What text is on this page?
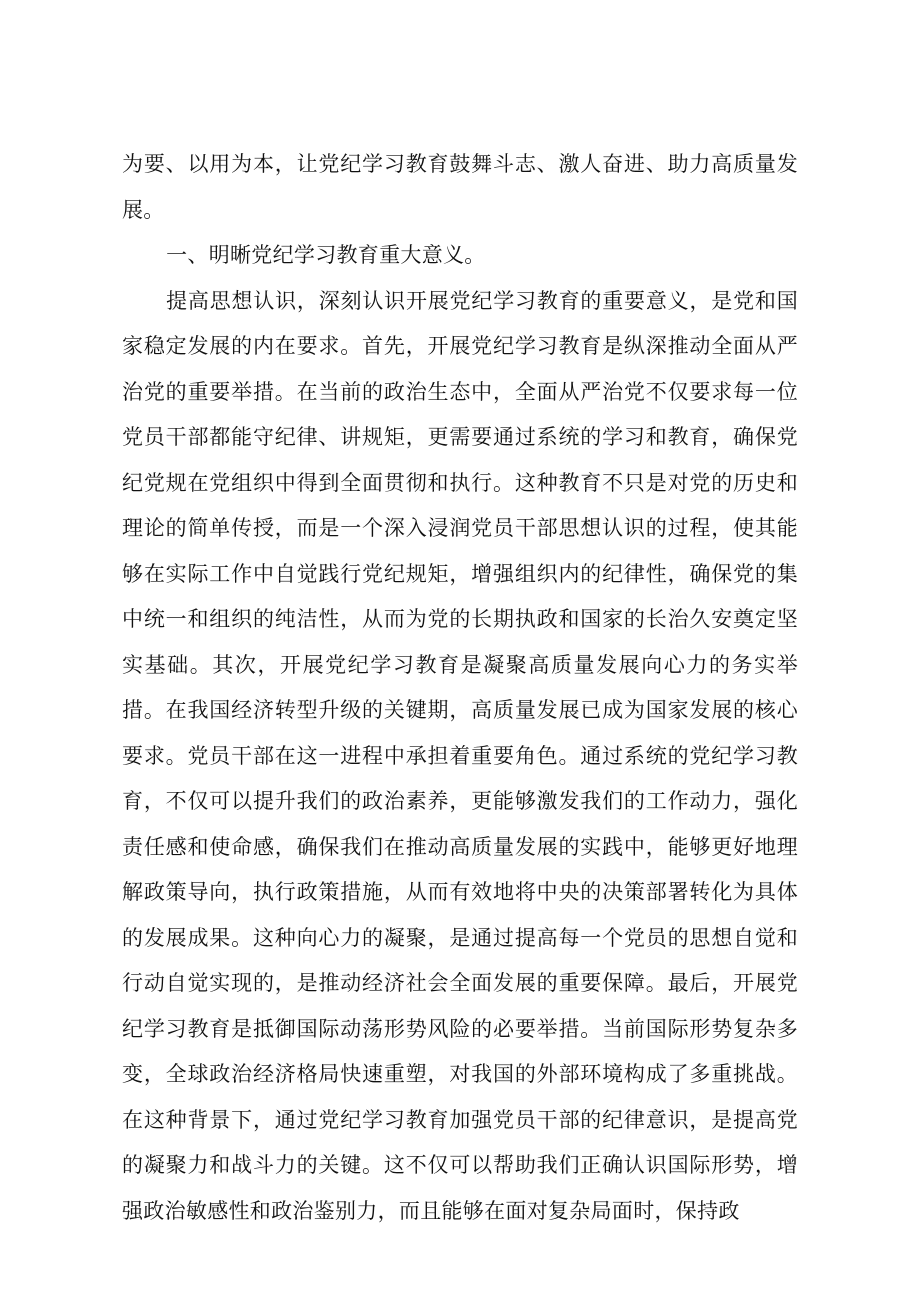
为要、以用为本，让党纪学习教育鼓舞斗志、激人奋进、助力高质量发展。

一、明晰党纪学习教育重大意义。

提高思想认识，深刻认识开展党纪学习教育的重要意义，是党和国家稳定发展的内在要求。首先，开展党纪学习教育是纵深推动全面从严治党的重要举措。在当前的政治生态中，全面从严治党不仅要求每一位党员干部都能守纪律、讲规矩，更需要通过系统的学习和教育，确保党纪党规在党组织中得到全面贯彻和执行。这种教育不只是对党的历史和理论的简单传授，而是一个深入浸润党员干部思想认识的过程，使其能够在实际工作中自觉践行党纪规矩，增强组织内的纪律性，确保党的集中统一和组织的纯洁性，从而为党的长期执政和国家的长治久安奠定坚实基础。其次，开展党纪学习教育是凝聚高质量发展向心力的务实举措。在我国经济转型升级的关键期，高质量发展已成为国家发展的核心要求。党员干部在这一进程中承担着重要角色。通过系统的党纪学习教育，不仅可以提升我们的政治素养，更能够激发我们的工作动力，强化责任感和使命感，确保我们在推动高质量发展的实践中，能够更好地理解政策导向，执行政策措施，从而有效地将中央的决策部署转化为具体的发展成果。这种向心力的凝聚，是通过提高每一个党员的思想自觉和行动自觉实现的，是推动经济社会全面发展的重要保障。最后，开展党纪学习教育是抵御国际动荡形势风险的必要举措。当前国际形势复杂多变，全球政治经济格局快速重塑，对我国的外部环境构成了多重挑战。在这种背景下，通过党纪学习教育加强党员干部的纪律意识，是提高党的凝聚力和战斗力的关键。这不仅可以帮助我们正确认识国际形势，增强政治敏感性和政治鉴别力，而且能够在面对复杂局面时，保持政
